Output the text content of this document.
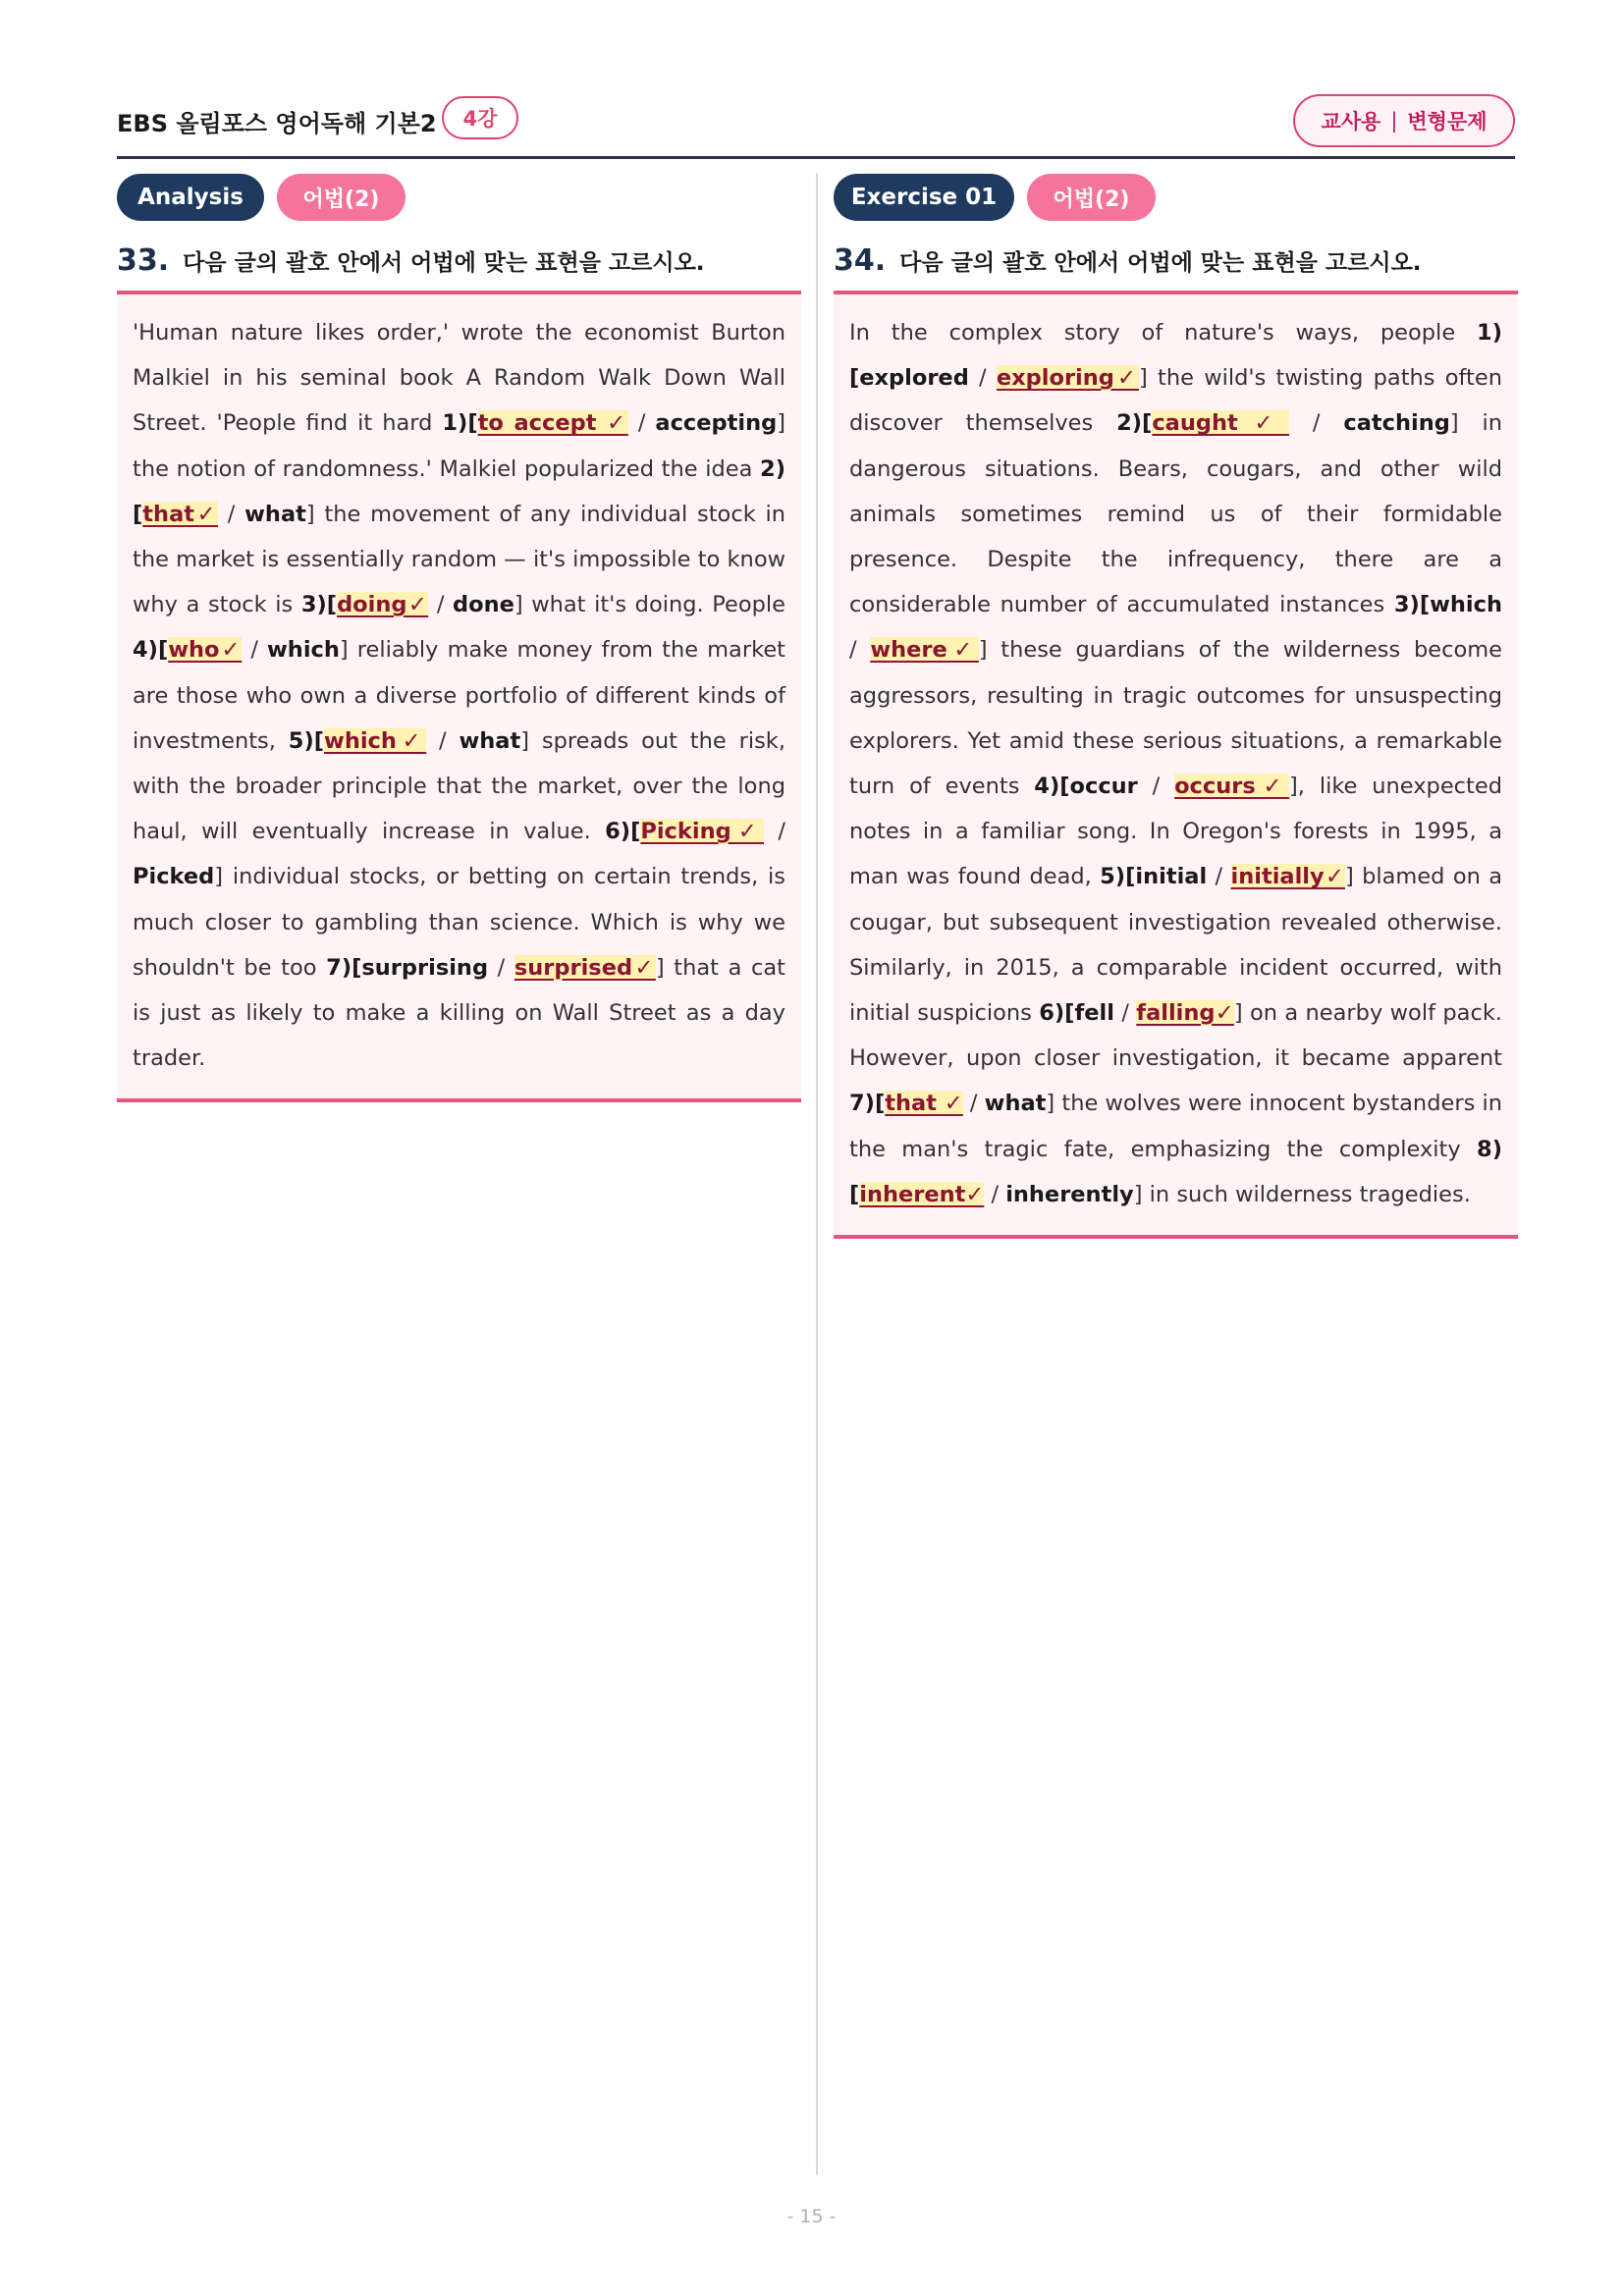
EBS 올림포스 영어독해 기본2	4강	교사용 | 변형문제
Analysis	어법(2)
33. 다음 글의 괄호 안에서 어법에 맞는 표현을 고르시오.
'Human nature likes order,' wrote the economist Burton Malkiel in his seminal book A Random Walk Down Wall Street. 'People find it hard 1)[to accept ✓ / accepting] the notion of randomness.' Malkiel popularized the idea 2)[that✓ / what] the movement of any individual stock in the market is essentially random — it's impossible to know why a stock is 3)[doing✓ / done] what it's doing. People 4)[who✓ / which] reliably make money from the market are those who own a diverse portfolio of different kinds of investments, 5)[which✓ / what] spreads out the risk, with the broader principle that the market, over the long haul, will eventually increase in value. 6)[Picking✓ / Picked] individual stocks, or betting on certain trends, is much closer to gambling than science. Which is why we shouldn't be too 7)[surprising / surprised✓] that a cat is just as likely to make a killing on Wall Street as a day trader.
Exercise 01	어법(2)
34. 다음 글의 괄호 안에서 어법에 맞는 표현을 고르시오.
In the complex story of nature's ways, people 1)[explored / exploring✓] the wild's twisting paths often discover themselves 2)[caught✓ / catching] in dangerous situations. Bears, cougars, and other wild animals sometimes remind us of their formidable presence. Despite the infrequency, there are a considerable number of accumulated instances 3)[which / where✓] these guardians of the wilderness become aggressors, resulting in tragic outcomes for unsuspecting explorers. Yet amid these serious situations, a remarkable turn of events 4)[occur / occurs✓], like unexpected notes in a familiar song. In Oregon's forests in 1995, a man was found dead, 5)[initial / initially✓] blamed on a cougar, but subsequent investigation revealed otherwise. Similarly, in 2015, a comparable incident occurred, with initial suspicions 6)[fell / falling✓] on a nearby wolf pack. However, upon closer investigation, it became apparent 7)[that ✓ / what] the wolves were innocent bystanders in the man's tragic fate, emphasizing the complexity 8)[inherent✓ / inherently] in such wilderness tragedies.
- 15 -
